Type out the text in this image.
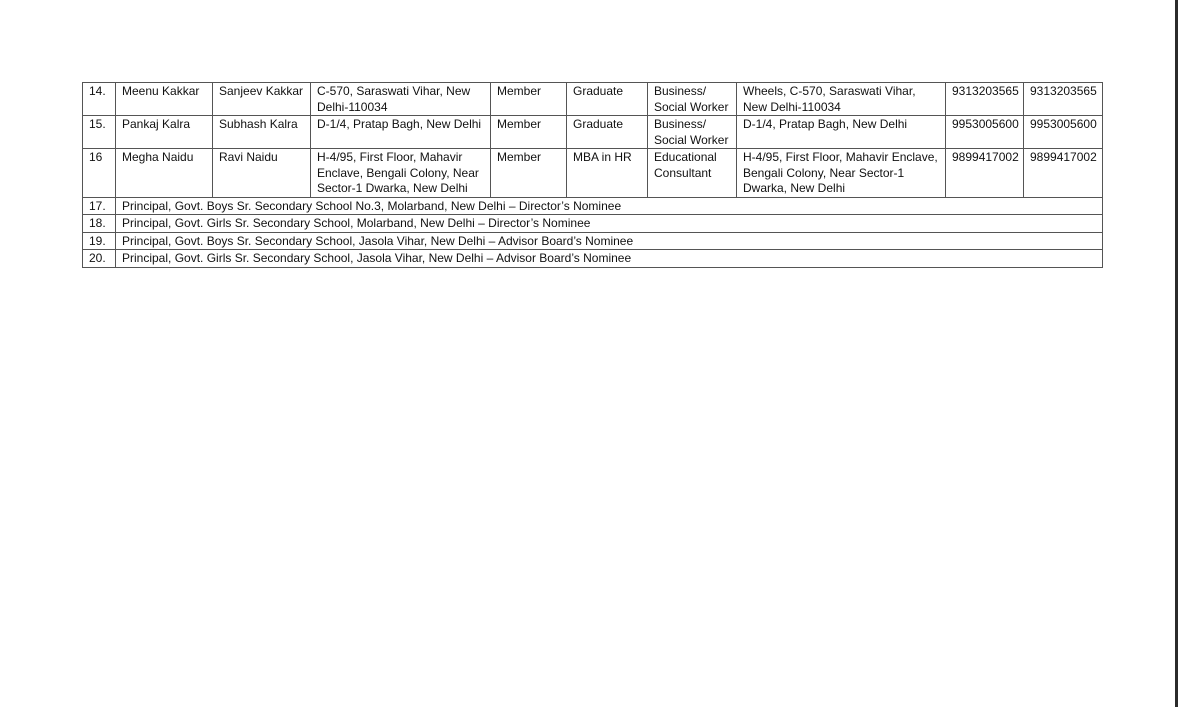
14.	Meenu Kakkar	Sanjeev Kakkar	C-570, Saraswati Vihar, New Delhi-110034	Member	Graduate	Business/ Social Worker	Wheels, C-570, Saraswati Vihar, New Delhi-110034	9313203565	9313203565
15.	Pankaj Kalra	Subhash Kalra	D-1/4, Pratap Bagh, New Delhi	Member	Graduate	Business/ Social Worker	D-1/4, Pratap Bagh, New Delhi	9953005600	9953005600
16	Megha Naidu	Ravi Naidu	H-4/95, First Floor, Mahavir Enclave, Bengali Colony, Near Sector-1 Dwarka, New Delhi	Member	MBA in HR	Educational Consultant	H-4/95, First Floor, Mahavir Enclave, Bengali Colony, Near Sector-1 Dwarka, New Delhi	9899417002	9899417002
17.	Principal, Govt. Boys Sr. Secondary School No.3, Molarband, New Delhi – Director’s Nominee								
18.	Principal, Govt. Girls Sr. Secondary School, Molarband, New Delhi – Director’s Nominee								
19.	Principal, Govt. Boys Sr. Secondary School, Jasola Vihar, New Delhi – Advisor Board’s Nominee								
20.	Principal, Govt. Girls Sr. Secondary School, Jasola Vihar, New Delhi – Advisor Board’s Nominee								
